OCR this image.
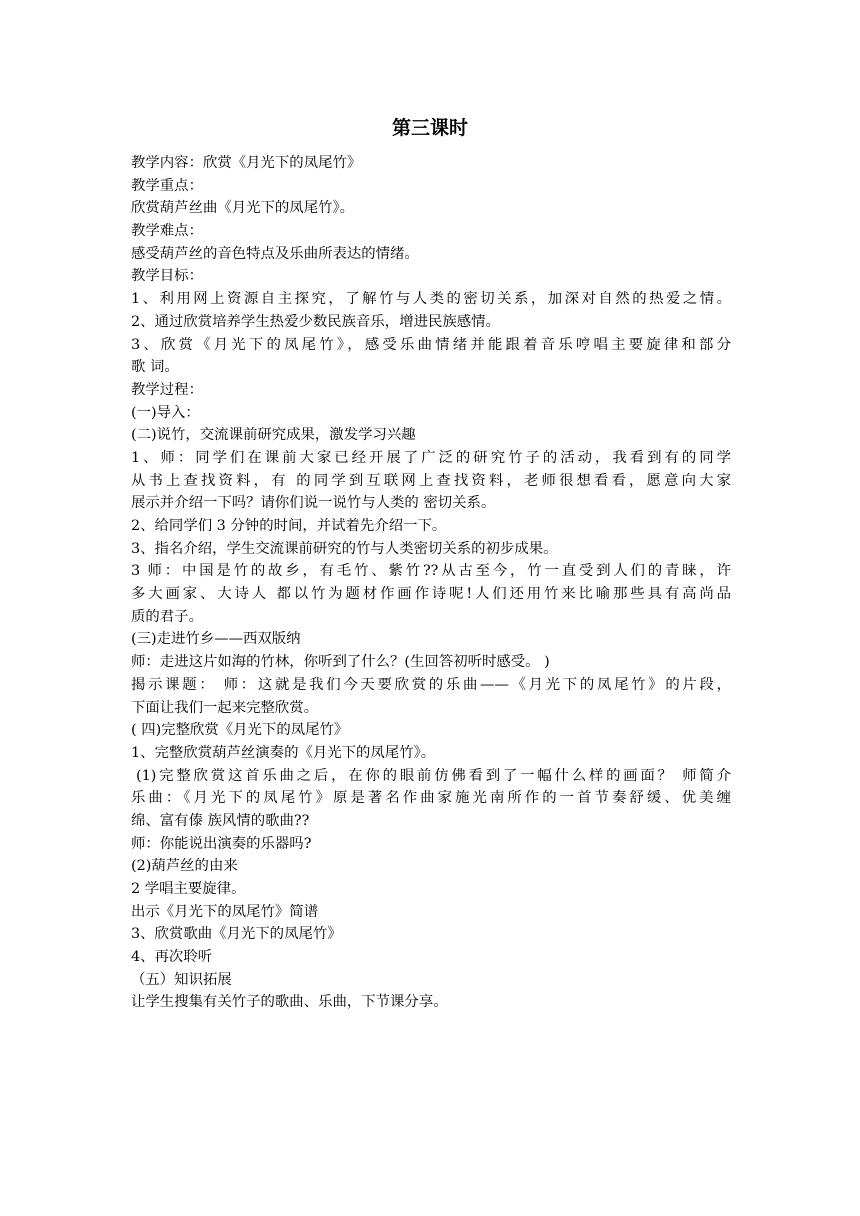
第三课时
教学内容：欣赏《月光下的凤尾竹》
教学重点：
欣赏葫芦丝曲《月光下的凤尾竹》。
教学难点：
感受葫芦丝的音色特点及乐曲所表达的情绪。
教学目标：
1、利用网上资源自主探究，了解竹与人类的密切关系，加深对自然的热爱之情。
2、通过欣赏培养学生热爱少数民族音乐，增进民族感情。
3、欣赏《月光下的凤尾竹》，感受乐曲情绪并能跟着音乐哼唱主要旋律和部分
歌 词。
教学过程：
(一)导入：
(二)说竹，交流课前研究成果，激发学习兴趣
1、师：同学们在课前大家已经开展了广泛的研究竹子的活动，我看到有的同学
从书上查找资料，有 的同学到互联网上查找资料，老师很想看看，愿意向大家
展示并介绍一下吗？请你们说一说竹与人类的 密切关系。
2、给同学们 3 分钟的时间，并试着先介绍一下。
3、指名介绍，学生交流课前研究的竹与人类密切关系的初步成果。
3 师：中国是竹的故乡，有毛竹、紫竹??从古至今，竹一直受到人们的青睐，许
多大画家、大诗人 都以竹为题材作画作诗呢!人们还用竹来比喻那些具有高尚品
质的君子。
(三)走进竹乡——西双版纳
师：走进这片如海的竹林，你听到了什么？(生回答初听时感受。 )
揭示课题： 师：这就是我们今天要欣赏的乐曲——《月光下的凤尾竹》的片段，
下面让我们一起来完整欣赏。
( 四)完整欣赏《月光下的凤尾竹》
1、完整欣赏葫芦丝演奏的《月光下的凤尾竹》。
(1)完整欣赏这首乐曲之后，在你的眼前仿佛看到了一幅什么样的画面？ 师简介
乐曲：《月光下的凤尾竹》原是著名作曲家施光南所作的一首节奏舒缓、优美缠
绵、富有傣 族风情的歌曲??
师：你能说出演奏的乐器吗?
(2)葫芦丝的由来
2 学唱主要旋律。
出示《月光下的凤尾竹》简谱
3、欣赏歌曲《月光下的凤尾竹》
4、再次聆听
（五）知识拓展
让学生搜集有关竹子的歌曲、乐曲，下节课分享。
